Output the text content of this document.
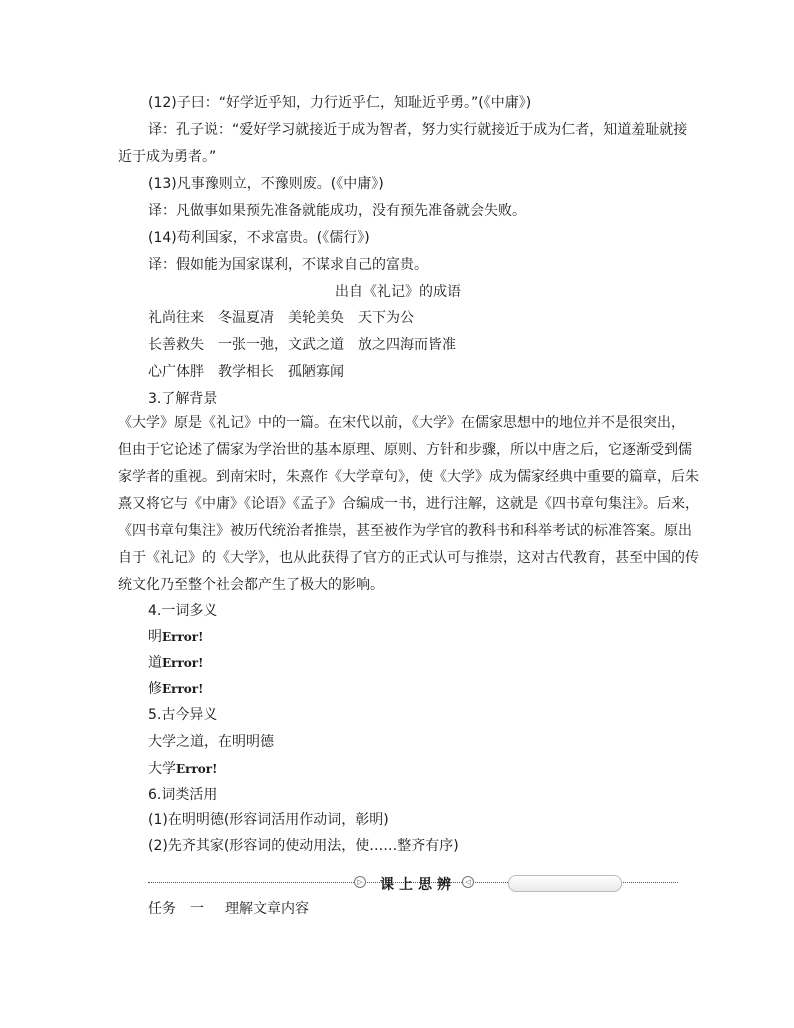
(12)子曰：“好学近乎知，力行近乎仁，知耻近乎勇。”(《中庸》)
译：孔子说：“爱好学习就接近于成为智者，努力实行就接近于成为仁者，知道羞耻就接
近于成为勇者。”
(13)凡事豫则立，不豫则废。(《中庸》)
译：凡做事如果预先准备就能成功，没有预先准备就会失败。
(14)苟利国家，不求富贵。(《儒行》)
译：假如能为国家谋利，不谋求自己的富贵。
出自《礼记》的成语
礼尚往来　冬温夏凊　美轮美奂　天下为公
长善救失　一张一弛，文武之道　放之四海而皆准
心广体胖　教学相长　孤陋寡闻
3.了解背景
《大学》原是《礼记》中的一篇。在宋代以前，《大学》在儒家思想中的地位并不是很突出，
但由于它论述了儒家为学治世的基本原理、原则、方针和步骤，所以中唐之后，它逐渐受到儒
家学者的重视。到南宋时，朱熹作《大学章句》，使《大学》成为儒家经典中重要的篇章，后朱
熹又将它与《中庸》《论语》《孟子》合编成一书，进行注解，这就是《四书章句集注》。后来，
《四书章句集注》被历代统治者推崇，甚至被作为学官的教科书和科举考试的标准答案。原出
自于《礼记》的《大学》，也从此获得了官方的正式认可与推崇，这对古代教育，甚至中国的传
统文化乃至整个社会都产生了极大的影响。
4.一词多义
明Error!
道Error!
修Error!
5.古今异义
大学之道，在明明德
大学Error!
6.词类活用
(1)在明明德(形容词活用作动词，彰明)
(2)先齐其家(形容词的使动用法，使……整齐有序)
▷ 课上思辨	◁
任务　一 理解文章内容
